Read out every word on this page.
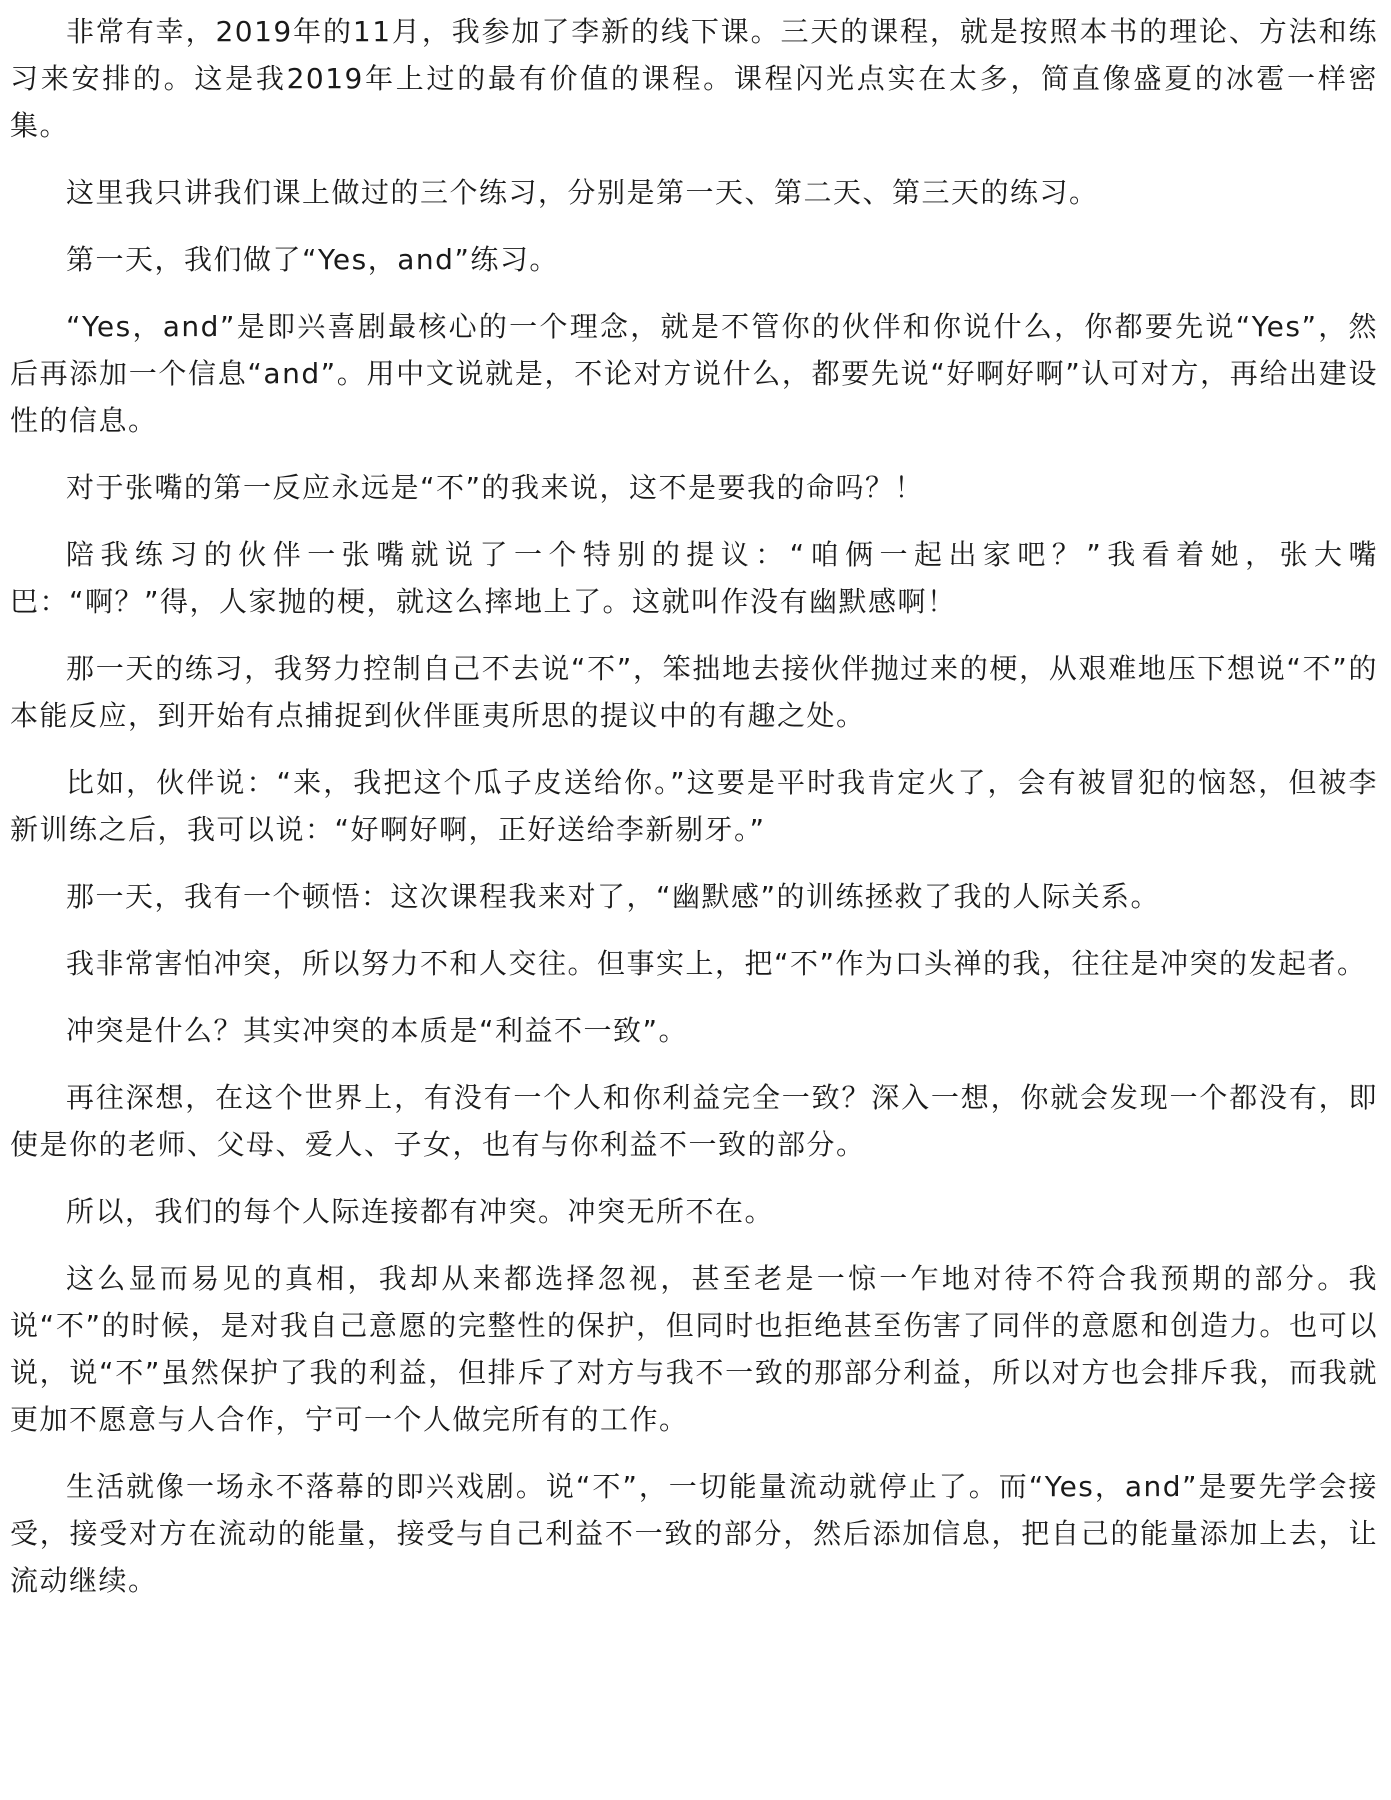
非常有幸，2019年的11月，我参加了李新的线下课。三天的课程，就是按照本书的理论、方法和练习来安排的。这是我2019年上过的最有价值的课程。课程闪光点实在太多，简直像盛夏的冰雹一样密集。

这里我只讲我们课上做过的三个练习，分别是第一天、第二天、第三天的练习。

第一天，我们做了“Yes，and”练习。

“Yes，and”是即兴喜剧最核心的一个理念，就是不管你的伙伴和你说什么，你都要先说“Yes”，然后再添加一个信息“and”。用中文说就是，不论对方说什么，都要先说“好啊好啊”认可对方，再给出建设性的信息。

对于张嘴的第一反应永远是“不”的我来说，这不是要我的命吗？！

陪我练习的伙伴一张嘴就说了一个特别的提议：“咱俩一起出家吧？”我看着她，张大嘴巴：“啊？”得，人家抛的梗，就这么摔地上了。这就叫作没有幽默感啊！

那一天的练习，我努力控制自己不去说“不”，笨拙地去接伙伴抛过来的梗，从艰难地压下想说“不”的本能反应，到开始有点捕捉到伙伴匪夷所思的提议中的有趣之处。

比如，伙伴说：“来，我把这个瓜子皮送给你。”这要是平时我肯定火了，会有被冒犯的恼怒，但被李新训练之后，我可以说：“好啊好啊，正好送给李新剔牙。”

那一天，我有一个顿悟：这次课程我来对了，“幽默感”的训练拯救了我的人际关系。

我非常害怕冲突，所以努力不和人交往。但事实上，把“不”作为口头禅的我，往往是冲突的发起者。

冲突是什么？其实冲突的本质是“利益不一致”。

再往深想，在这个世界上，有没有一个人和你利益完全一致？深入一想，你就会发现一个都没有，即使是你的老师、父母、爱人、子女，也有与你利益不一致的部分。

所以，我们的每个人际连接都有冲突。冲突无所不在。

这么显而易见的真相，我却从来都选择忽视，甚至老是一惊一乍地对待不符合我预期的部分。我说“不”的时候，是对我自己意愿的完整性的保护，但同时也拒绝甚至伤害了同伴的意愿和创造力。也可以说，说“不”虽然保护了我的利益，但排斥了对方与我不一致的那部分利益，所以对方也会排斥我，而我就更加不愿意与人合作，宁可一个人做完所有的工作。

生活就像一场永不落幕的即兴戏剧。说“不”，一切能量流动就停止了。而“Yes，and”是要先学会接受，接受对方在流动的能量，接受与自己利益不一致的部分，然后添加信息，把自己的能量添加上去，让流动继续。
